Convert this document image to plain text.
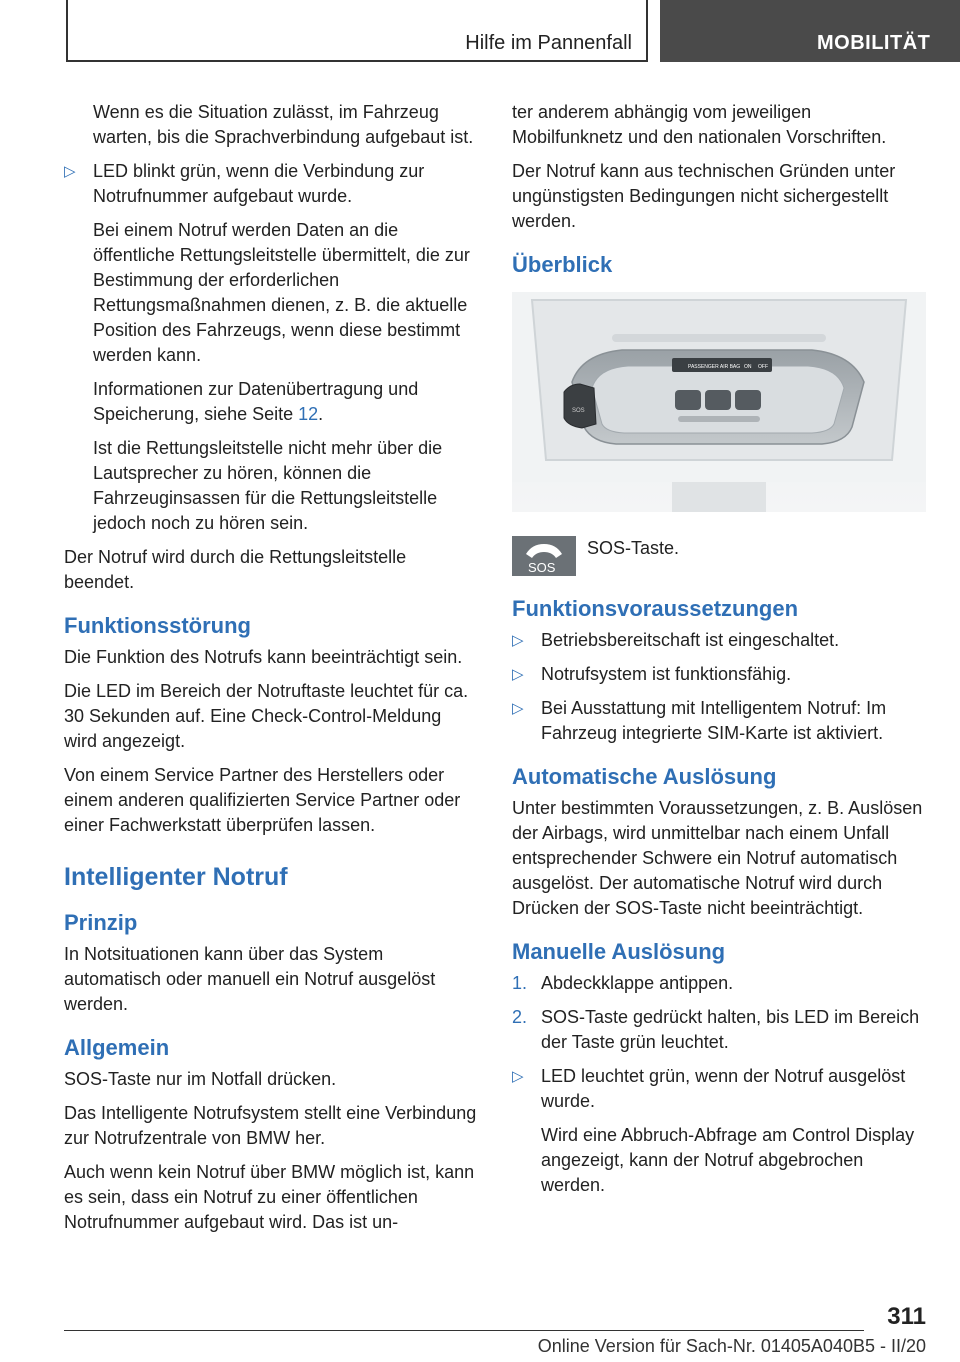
Hilfe im Pannenfall	MOBILITÄT

Wenn es die Situation zulässt, im Fahrzeug warten, bis die Sprachverbindung aufgebaut ist.

▷ LED blinkt grün, wenn die Verbindung zur Notrufnummer aufgebaut wurde.

Bei einem Notruf werden Daten an die öffentliche Rettungsleitstelle übermittelt, die zur Bestimmung der erforderlichen Rettungsmaßnahmen dienen, z. B. die aktuelle Position des Fahrzeugs, wenn diese bestimmt werden kann.

Informationen zur Datenübertragung und Speicherung, siehe Seite 12.

Ist die Rettungsleitstelle nicht mehr über die Lautsprecher zu hören, können die Fahrzeuginsassen für die Rettungsleitstelle jedoch noch zu hören sein.

Der Notruf wird durch die Rettungsleitstelle beendet.

Funktionsstörung

Die Funktion des Notrufs kann beeinträchtigt sein.

Die LED im Bereich der Notruftaste leuchtet für ca. 30 Sekunden auf. Eine Check-Control-Meldung wird angezeigt.

Von einem Service Partner des Herstellers oder einem anderen qualifizierten Service Partner oder einer Fachwerkstatt überprüfen lassen.

Intelligenter Notruf
Prinzip

In Notsituationen kann über das System automatisch oder manuell ein Notruf ausgelöst werden.

Allgemein

SOS-Taste nur im Notfall drücken.

Das Intelligente Notrufsystem stellt eine Verbindung zur Notrufzentrale von BMW her.

Auch wenn kein Notruf über BMW möglich ist, kann es sein, dass ein Notruf zu einer öffentlichen Notrufnummer aufgebaut wird. Das ist un-

ter anderem abhängig vom jeweiligen Mobilfunknetz und den nationalen Vorschriften.

Der Notruf kann aus technischen Gründen unter ungünstigsten Bedingungen nicht sichergestellt werden.

Überblick
PASSENGER AIR BAG ON OFF
SOS
SOS
SOS-Taste.
Funktionsvoraussetzungen
▷ Betriebsbereitschaft ist eingeschaltet.
▷ Notrufsystem ist funktionsfähig.
▷ Bei Ausstattung mit Intelligentem Notruf: Im Fahrzeug integrierte SIM-Karte ist aktiviert.
Automatische Auslösung

Unter bestimmten Voraussetzungen, z. B. Auslösen der Airbags, wird unmittelbar nach einem Unfall entsprechender Schwere ein Notruf automatisch ausgelöst. Der automatische Notruf wird durch Drücken der SOS-Taste nicht beeinträchtigt.

Manuelle Auslösung
1. Abdeckklappe antippen.
2. SOS-Taste gedrückt halten, bis LED im Bereich der Taste grün leuchtet.
▷ LED leuchtet grün, wenn der Notruf ausgelöst wurde.

Wird eine Abbruch-Abfrage am Control Display angezeigt, kann der Notruf abgebrochen werden.

311
Online Version für Sach-Nr. 01405A040B5 - II/20
